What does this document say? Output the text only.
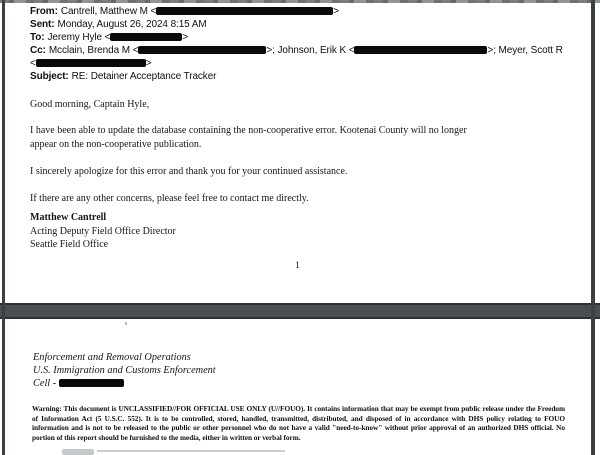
From: Cantrell, Matthew M <	>
Sent: Monday, August 26, 2024 8:15 AM
To: Jeremy Hyle <	>
Cc: Mcclain, Brenda M <	>; Johnson, Erik K <	>; Meyer, Scott R
<	>
Subject: RE: Detainer Acceptance Tracker
Good morning, Captain Hyle,
I have been able to update the database containing the non-cooperative error. Kootenai County will no longer
appear on the non-cooperative publication.
I sincerely apologize for this error and thank you for your continued assistance.
If there are any other concerns, please feel free to contact me directly.
Matthew Cantrell
Acting Deputy Field Office Director
Seattle Field Office
1
Enforcement and Removal Operations
U.S. Immigration and Customs Enforcement
Cell -
Warning: This document is UNCLASSIFIED//FOR OFFICIAL USE ONLY (U//FOUO). It contains information that may be exempt from public release under the Freedom of Information Act (5 U.S.C. 552). It is to be controlled, stored, handled, transmitted, distributed, and disposed of in accordance with DHS policy relating to FOUO information and is not to be released to the public or other personnel who do not have a valid "need-to-know" without prior approval of an authorized DHS official. No portion of this report should be furnished to the media, either in written or verbal form.
